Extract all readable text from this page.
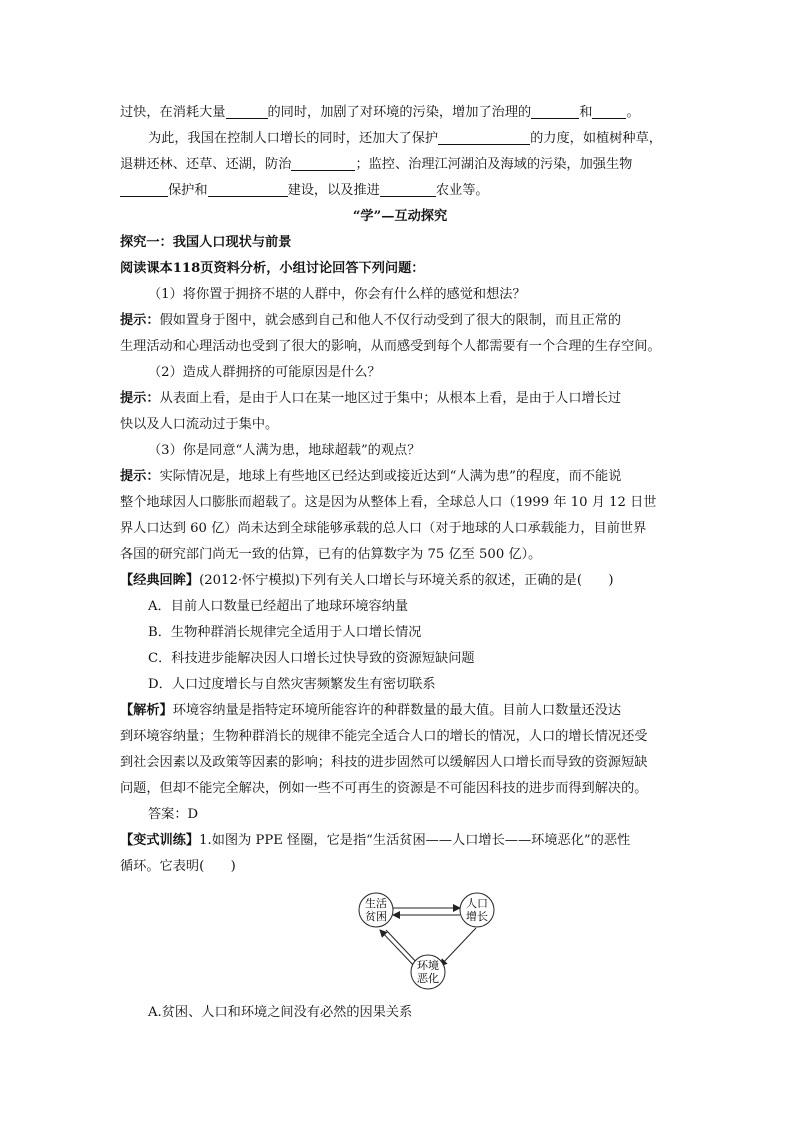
过快，在消耗大量	的同时，加剧了对环境的污染，增加了治理的	和	。
为此，我国在控制人口增长的同时，还加大了保护	的力度，如植树种草，
退耕还林、还草、还湖，防治	；监控、治理江河湖泊及海域的污染，加强生物
保护和	建设，以及推进	农业等。
“学”—互动探究
探究一：我国人口现状与前景
阅读课本118页资料分析，小组讨论回答下列问题：
（1）将你置于拥挤不堪的人群中，你会有什么样的感觉和想法？
提示：假如置身于图中，就会感到自己和他人不仅行动受到了很大的限制，而且正常的
生理活动和心理活动也受到了很大的影响，从而感受到每个人都需要有一个合理的生存空间。
（2）造成人群拥挤的可能原因是什么？
提示：从表面上看，是由于人口在某一地区过于集中；从根本上看，是由于人口增长过
快以及人口流动过于集中。
（3）你是同意“人满为患，地球超载”的观点？
提示：实际情况是，地球上有些地区已经达到或接近达到“人满为患”的程度，而不能说
整个地球因人口膨胀而超载了。这是因为从整体上看，全球总人口（1999 年 10 月 12 日世
界人口达到 60 亿）尚未达到全球能够承载的总人口（对于地球的人口承载能力，目前世界
各国的研究部门尚无一致的估算，已有的估算数字为 75 亿至 500 亿）。
【经典回眸】(2012·怀宁模拟)下列有关人口增长与环境关系的叙述，正确的是(　　)
A．目前人口数量已经超出了地球环境容纳量
B．生物种群消长规律完全适用于人口增长情况
C．科技进步能解决因人口增长过快导致的资源短缺问题
D．人口过度增长与自然灾害频繁发生有密切联系
【解析】环境容纳量是指特定环境所能容许的种群数量的最大值。目前人口数量还没达
到环境容纳量；生物种群消长的规律不能完全适合人口的增长的情况，人口的增长情况还受
到社会因素以及政策等因素的影响；科技的进步固然可以缓解因人口增长而导致的资源短缺
问题，但却不能完全解决，例如一些不可再生的资源是不可能因科技的进步而得到解决的。
答案：D
【变式训练】1.如图为 PPE 怪圈，它是指“生活贫困——人口增长——环境恶化”的恶性
循环。它表明(　　)
生活
贫困
人口
增长
环境
恶化
A.贫困、人口和环境之间没有必然的因果关系
